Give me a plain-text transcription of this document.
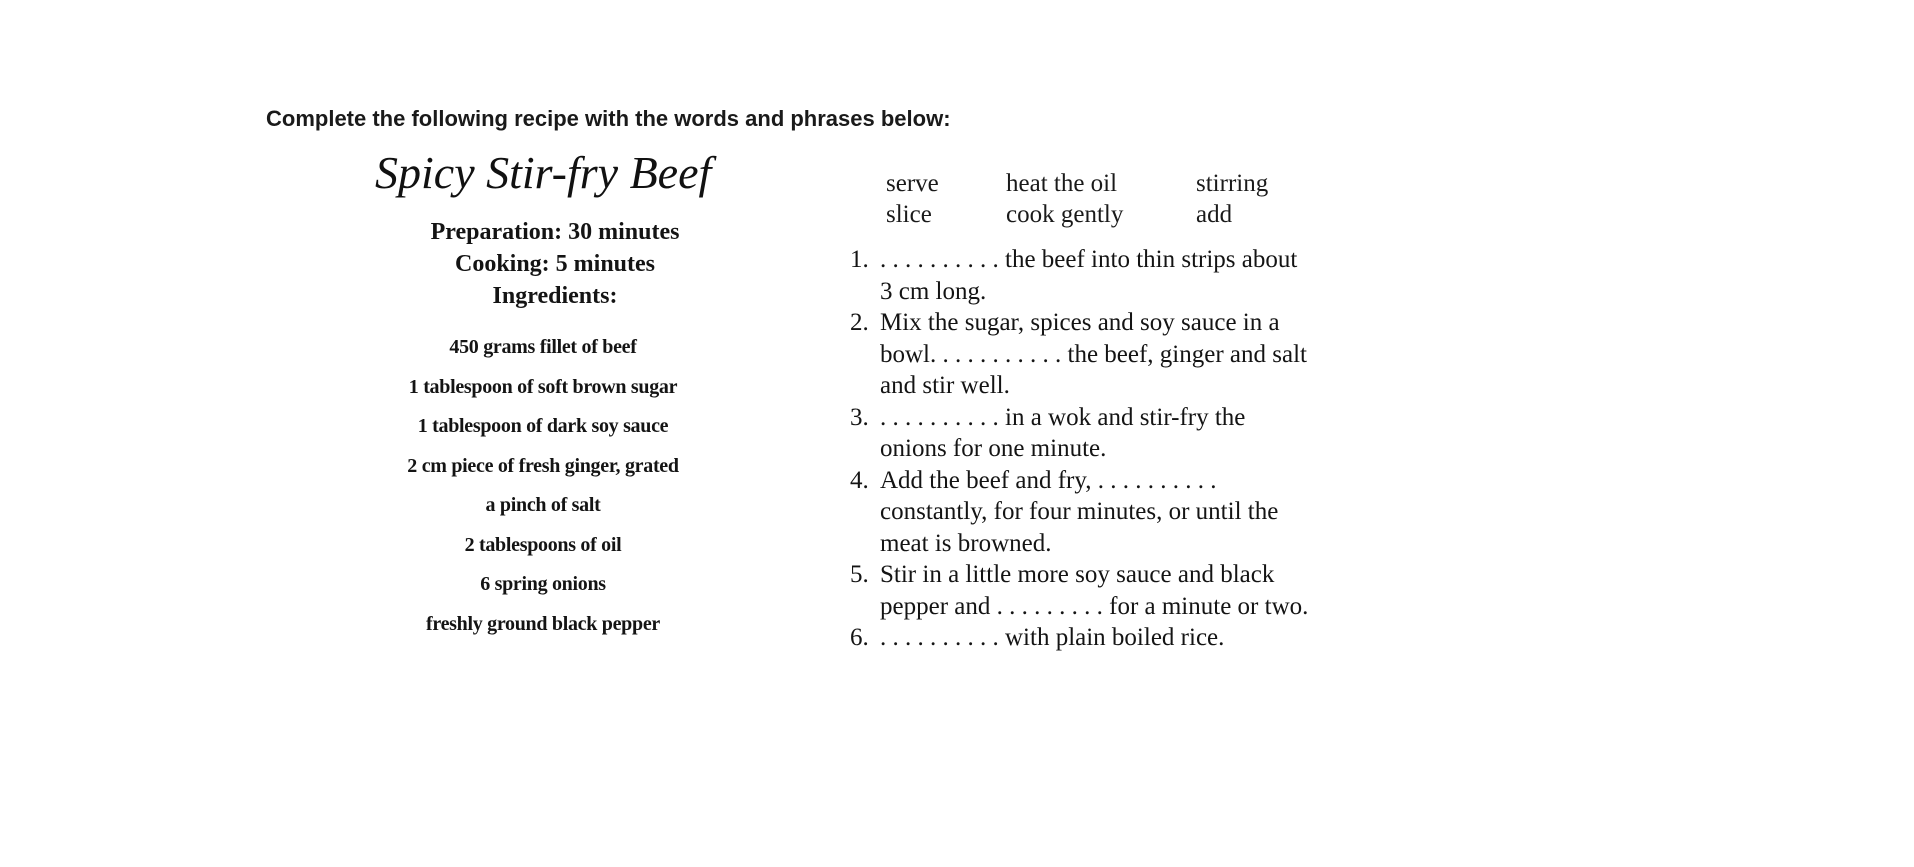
Complete the following recipe with the words and phrases below:
Spicy Stir-fry Beef
Preparation: 30 minutes
Cooking: 5 minutes
Ingredients:
450 grams fillet of beef
1 tablespoon of soft brown sugar
1 tablespoon of dark soy sauce
2 cm piece of fresh ginger, grated
a pinch of salt
2 tablespoons of oil
6 spring onions
freshly ground black pepper
serve	heat the oil	stirring
slice	cook gently	add
1. . . . . . . . . . . the beef into thin strips about
3 cm long.
2. Mix the sugar, spices and soy sauce in a
bowl. . . . . . . . . . . the beef, ginger and salt
and stir well.
3. . . . . . . . . . . in a wok and stir-fry the
onions for one minute.
4. Add the beef and fry, . . . . . . . . . .
constantly, for four minutes, or until the
meat is browned.
5. Stir in a little more soy sauce and black
pepper and . . . . . . . . . for a minute or two.
6. . . . . . . . . . . with plain boiled rice.
